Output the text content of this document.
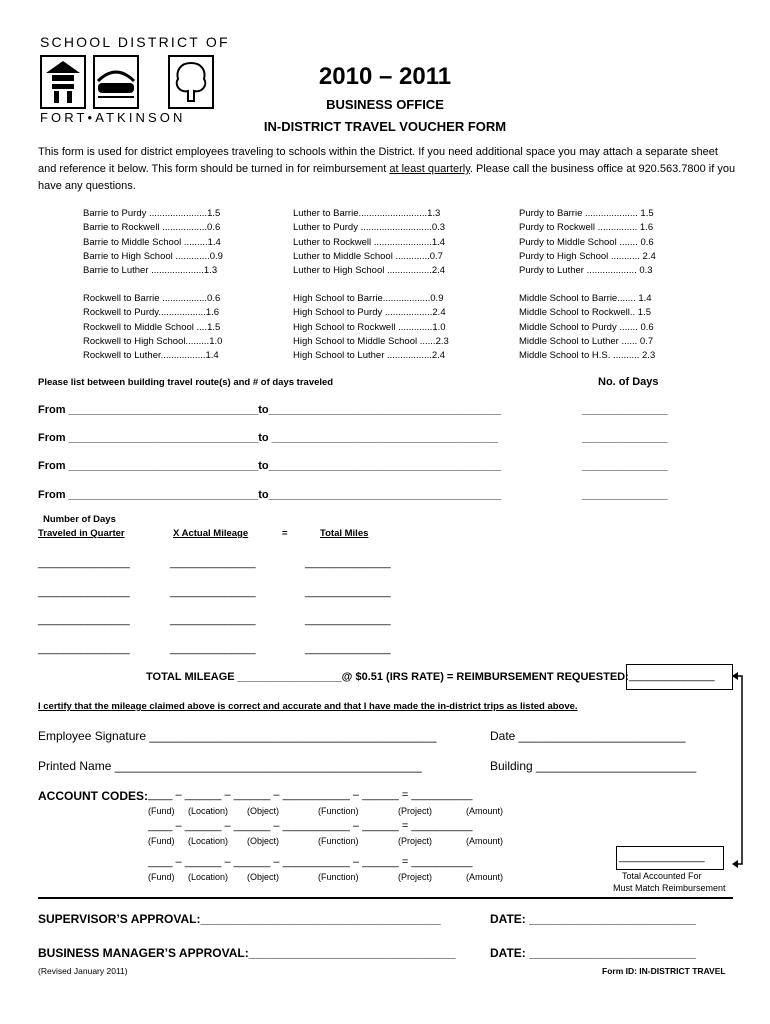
SCHOOL DISTRICT OF
FORT•ATKINSON
2010 – 2011
BUSINESS OFFICE
IN-DISTRICT TRAVEL VOUCHER FORM
This form is used for district employees traveling to schools within the District. If you need additional space you may attach a separate sheet and reference it below. This form should be turned in for reimbursement at least quarterly. Please call the business office at 920.563.7800 if you have any questions.
Barrie to Purdy ......................1.5
Barrie to Rockwell .................0.6
Barrie to Middle School .........1.4
Barrie to High School .............0.9
Barrie to Luther ....................1.3
Luther to Barrie..........................1.3
Luther to Purdy ...........................0.3
Luther to Rockwell ......................1.4
Luther to Middle School .............0.7
Luther to High School .................2.4
Purdy to Barrie .................... 1.5
Purdy to Rockwell ............... 1.6
Purdy to Middle School ....... 0.6
Purdy to High School ........... 2.4
Purdy to Luther ................... 0.3
Rockwell to Barrie .................0.6
Rockwell to Purdy..................1.6
Rockwell to Middle School ....1.5
Rockwell to High School.........1.0
Rockwell to Luther.................1.4
High School to Barrie..................0.9
High School to Purdy ..................2.4
High School to Rockwell .............1.0
High School to Middle School ......2.3
High School to Luther .................2.4
Middle School to Barrie....... 1.4
Middle School to Rockwell.. 1.5
Middle School to Purdy ....... 0.6
Middle School to Luther ...... 0.7
Middle School to H.S. .......... 2.3
Please list between building travel route(s) and # of days traveled	No. of Days
From _______________________________to______________________________________	______________
From _______________________________to _____________________________________	______________
From _______________________________to______________________________________	______________
From _______________________________to______________________________________	______________
Number of Days
Traveled in Quarter	X Actual Mileage	=	Total Miles
_______________	______________	______________
_______________	______________	______________
_______________	______________	______________
_______________	______________	______________
TOTAL MILEAGE _________________@ $0.51 (IRS RATE) = REIMBURSEMENT REQUESTED: ______________
I certify that the mileage claimed above is correct and accurate and that I have made the in-district trips as listed above.
Employee Signature ___________________________________________	Date _________________________
Printed Name ______________________________________________	Building ________________________
ACCOUNT CODES: ____ – ______ – ______ – ___________ – ______ = __________
(Fund) (Location) (Object)	(Function)	(Project)	(Amount)
____ – ______ – ______ – ___________ – ______ = __________
(Fund) (Location) (Object)	(Function)	(Project)	(Amount)
____ – ______ – ______ – ___________ – ______ = __________
(Fund) (Location) (Object)	(Function)	(Project)	(Amount)
______________
Total Accounted For
Must Match Reimbursement
SUPERVISOR’S APPROVAL:____________________________________	DATE: _________________________
BUSINESS MANAGER’S APPROVAL:_______________________________	DATE: _________________________
(Revised January 2011)	Form ID: IN-DISTRICT TRAVEL
